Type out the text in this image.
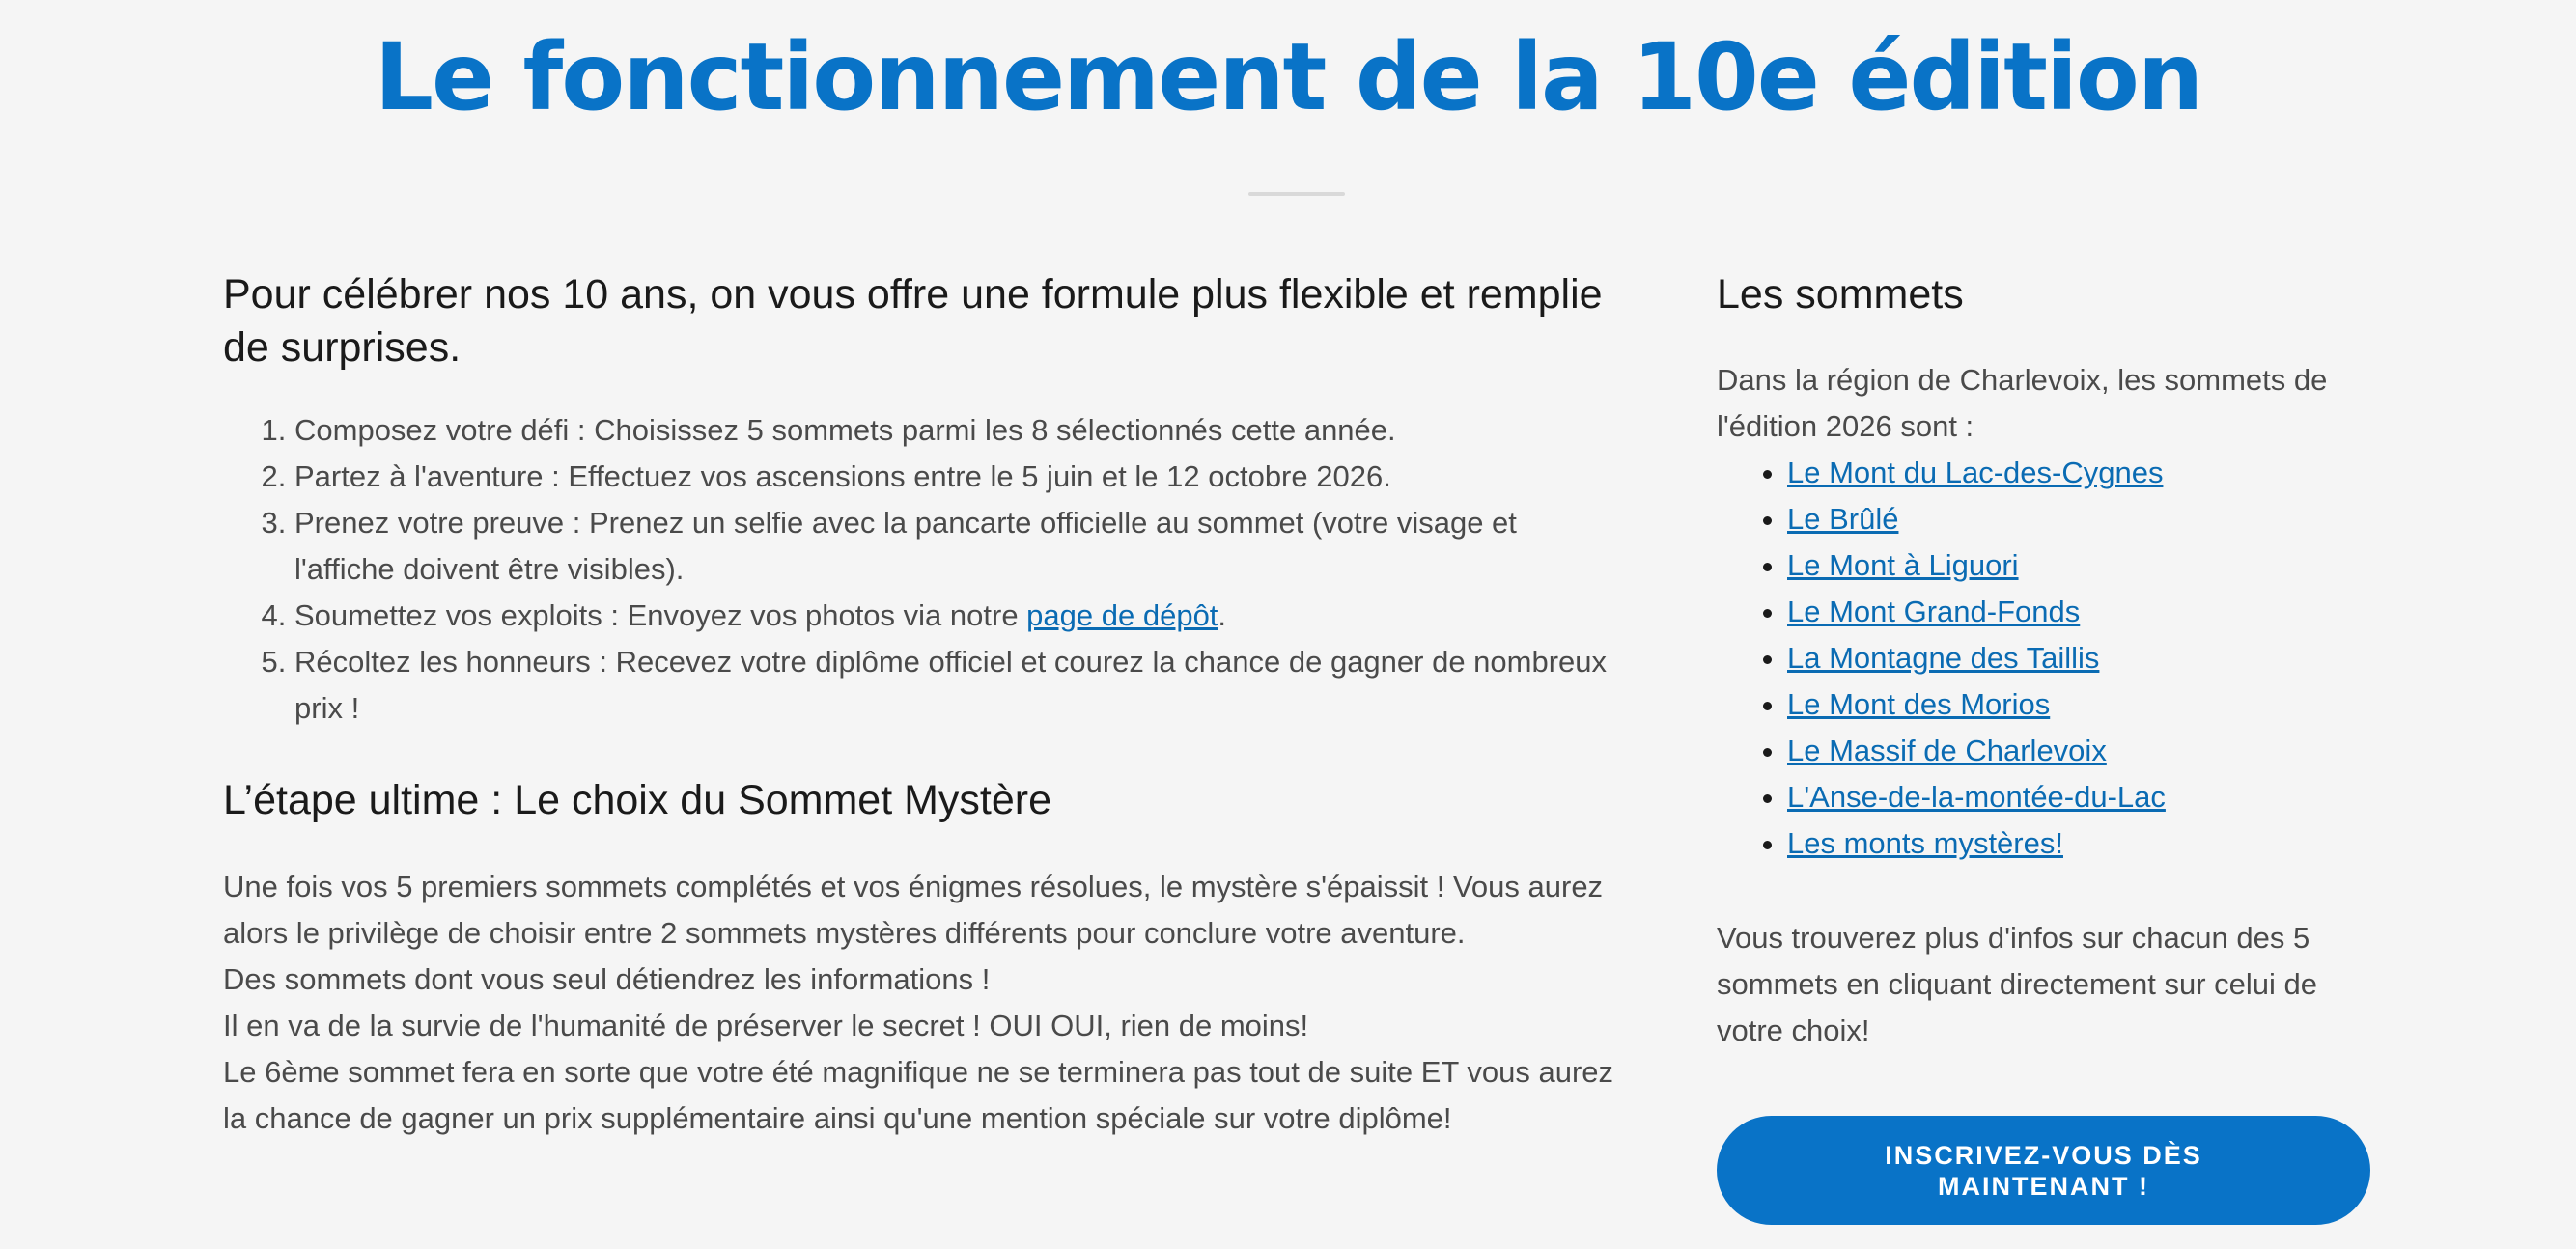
Le fonctionnement de la 10e édition
Pour célébrer nos 10 ans, on vous offre une formule plus flexible et remplie de surprises.
1. Composez votre défi : Choisissez 5 sommets parmi les 8 sélectionnés cette année.
2. Partez à l'aventure : Effectuez vos ascensions entre le 5 juin et le 12 octobre 2026.
3. Prenez votre preuve : Prenez un selfie avec la pancarte officielle au sommet (votre visage et l'affiche doivent être visibles).
4. Soumettez vos exploits : Envoyez vos photos via notre page de dépôt.
5. Récoltez les honneurs : Recevez votre diplôme officiel et courez la chance de gagner de nombreux prix !
L’étape ultime : Le choix du Sommet Mystère

Une fois vos 5 premiers sommets complétés et vos énigmes résolues, le mystère s'épaissit ! Vous aurez alors le privilège de choisir entre 2 sommets mystères différents pour conclure votre aventure.
Des sommets dont vous seul détiendrez les informations !
Il en va de la survie de l'humanité de préserver le secret ! OUI OUI, rien de moins!
Le 6ème sommet fera en sorte que votre été magnifique ne se terminera pas tout de suite ET vous aurez la chance de gagner un prix supplémentaire ainsi qu'une mention spéciale sur votre diplôme!

Les sommets

Dans la région de Charlevoix, les sommets de l'édition 2026 sont :

• Le Mont du Lac-des-Cygnes
• Le Brûlé
• Le Mont à Liguori
• Le Mont Grand-Fonds
• La Montagne des Taillis
• Le Mont des Morios
• Le Massif de Charlevoix
• L'Anse-de-la-montée-du-Lac
• Les monts mystères!

Vous trouverez plus d'infos sur chacun des 5 sommets en cliquant directement sur celui de votre choix!

INSCRIVEZ-VOUS DÈS MAINTENANT !
